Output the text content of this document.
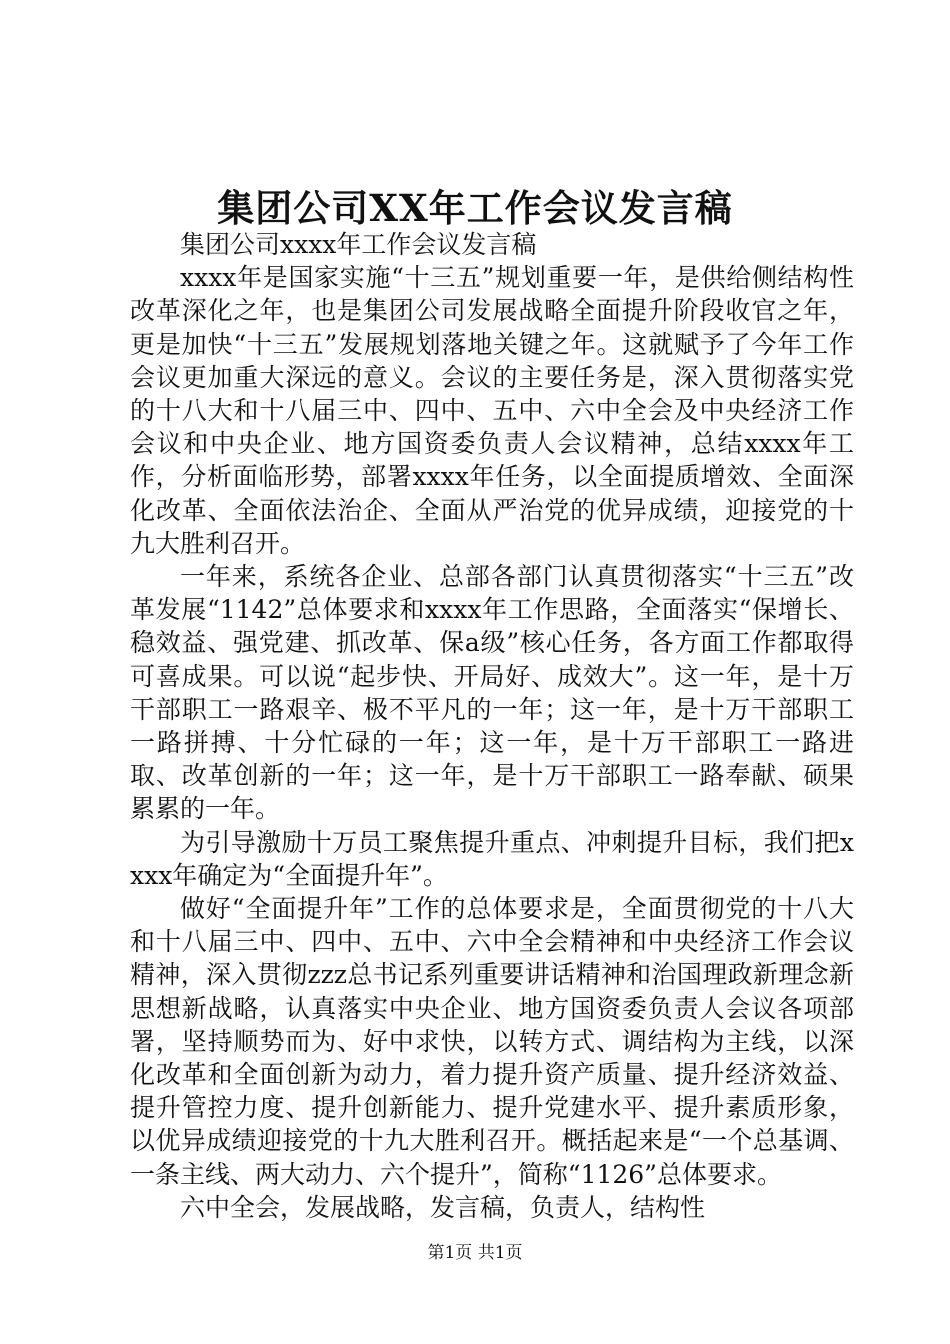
集团公司XX年工作会议发言稿

集团公司xxxx年工作会议发言稿

xxxx年是国家实施“十三五”规划重要一年，是供给侧结构性改革深化之年，也是集团公司发展战略全面提升阶段收官之年，更是加快“十三五”发展规划落地关键之年。这就赋予了今年工作会议更加重大深远的意义。会议的主要任务是，深入贯彻落实党的十八大和十八届三中、四中、五中、六中全会及中央经济工作会议和中央企业、地方国资委负责人会议精神，总结xxxx年工作，分析面临形势，部署xxxx年任务，以全面提质增效、全面深化改革、全面依法治企、全面从严治党的优异成绩，迎接党的十九大胜利召开。

一年来，系统各企业、总部各部门认真贯彻落实“十三五”改革发展“1142”总体要求和xxxx年工作思路，全面落实“保增长、稳效益、强党建、抓改革、保a级”核心任务，各方面工作都取得可喜成果。可以说“起步快、开局好、成效大”。这一年，是十万干部职工一路艰辛、极不平凡的一年；这一年，是十万干部职工一路拼搏、十分忙碌的一年；这一年，是十万干部职工一路进取、改革创新的一年；这一年，是十万干部职工一路奉献、硕果累累的一年。

为引导激励十万员工聚焦提升重点、冲刺提升目标，我们把xxxx年确定为“全面提升年”。

做好“全面提升年”工作的总体要求是，全面贯彻党的十八大和十八届三中、四中、五中、六中全会精神和中央经济工作会议精神，深入贯彻zzz总书记系列重要讲话精神和治国理政新理念新思想新战略，认真落实中央企业、地方国资委负责人会议各项部署，坚持顺势而为、好中求快，以转方式、调结构为主线，以深化改革和全面创新为动力，着力提升资产质量、提升经济效益、提升管控力度、提升创新能力、提升党建水平、提升素质形象，以优异成绩迎接党的十九大胜利召开。概括起来是“一个总基调、一条主线、两大动力、六个提升”，简称“1126”总体要求。

六中全会，发展战略，发言稿，负责人，结构性

第1页 共1页
